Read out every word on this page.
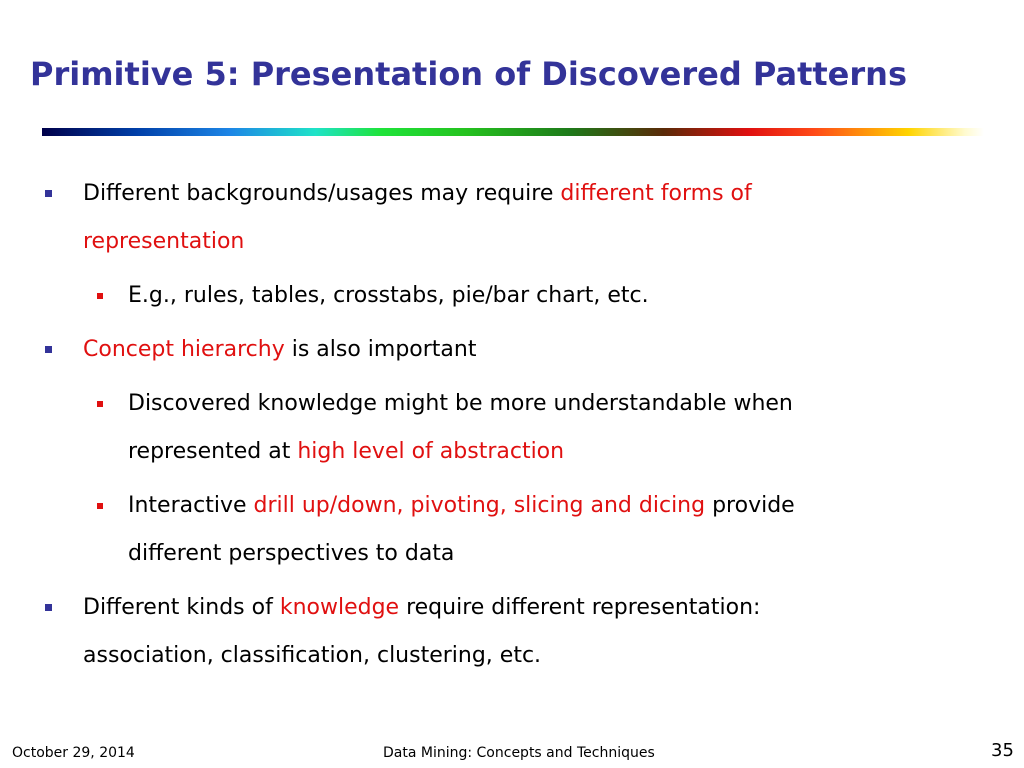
Primitive 5: Presentation of Discovered Patterns
Different backgrounds/usages may require different forms of representation
E.g., rules, tables, crosstabs, pie/bar chart, etc.
Concept hierarchy is also important
Discovered knowledge might be more understandable when represented at high level of abstraction
Interactive drill up/down, pivoting, slicing and dicing provide different perspectives to data
Different kinds of knowledge require different representation: association, classification, clustering, etc.
October 29, 2014	Data Mining: Concepts and Techniques	35
